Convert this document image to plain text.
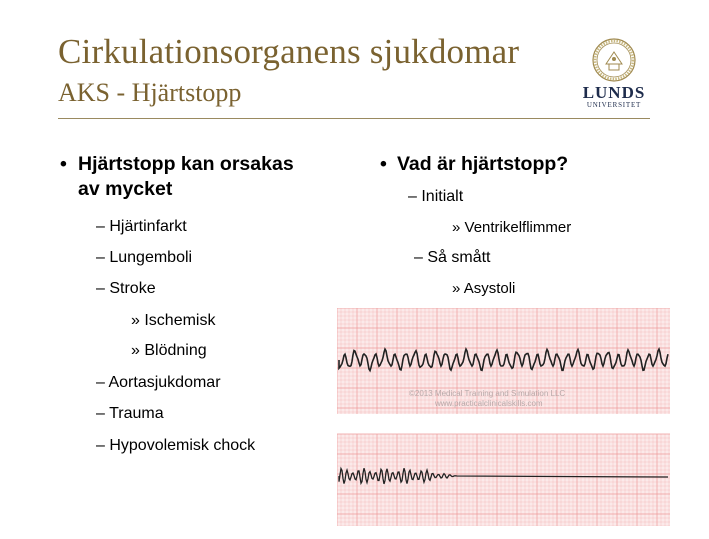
Cirkulationsorganens sjukdomar
AKS - Hjärtstopp	LUNDS
UNIVERSITET
• Hjärtstopp kan orsakas
av mycket
– Hjärtinfarkt
– Lungemboli
– Stroke
» Ischemisk
» Blödning
– Aortasjukdomar
– Trauma
– Hypovolemisk chock
• Vad är hjärtstopp?
– Initialt
» Ventrikelflimmer
– Så smått
» Asystoli
©2013 Medical Training and Simulation LLC
www.practicalclinicalskills.com
